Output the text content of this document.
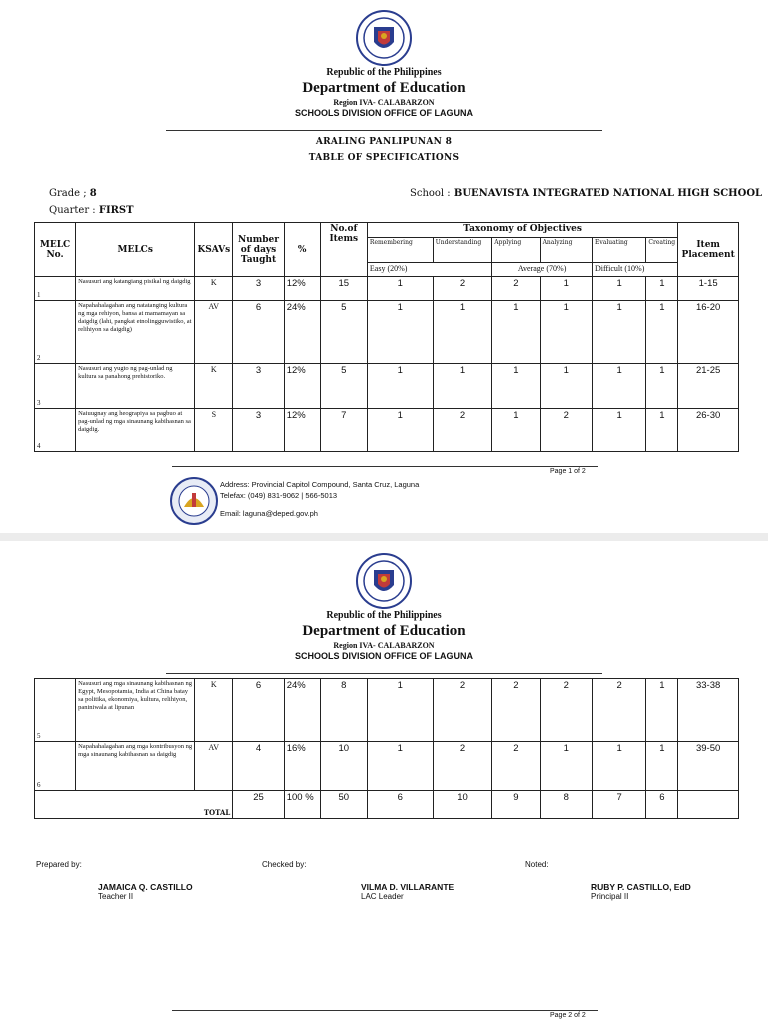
Republic of the Philippines
Department of Education
Region IVA- CALABARZON
SCHOOLS DIVISION OFFICE OF LAGUNA
ARALING PANLIPUNAN 8
TABLE OF SPECIFICATIONS
Grade ; 8
Quarter : FIRST
School : BUENAVISTA INTEGRATED NATIONAL HIGH SCHOOL
MELC No.	MELCs	KSAVs	Number of days Taught	%	No.of Items	Taxonomy of Objectives						Item Placement
						Remembering	Understanding	Applying	Analyzing	Evaluating	Creating	
						Easy (20%)		Average (70%)		Difficult (10%)		
1	Nasusuri ang katangiang pisikal ng daigdig	K	3	12%	15	1	2	2	1	1	1	1-15
2	Napahahalagahan ang natatanging kultura ng mga rehiyon, bansa at mamamayan sa daigdig (lahi, pangkat etnolingguwistiko, at relihiyon sa daigdig)	AV	6	24%	5	1	1	1	1	1	1	16-20
3	Nasusuri ang yugto ng pag-unlad ng kultura sa panahong prehistoriko.	K	3	12%	5	1	1	1	1	1	1	21-25
4	Naiuugnay ang heograpiya sa pagbuo at pag-unlad ng mga sinaunang kabihasnan sa daigdig.	S	3	12%	7	1	2	1	2	1	1	26-30
Page 1 of 2
Address: Provincial Capitol Compound, Santa Cruz, Laguna
Telefax: (049) 831-9062 | 566-5013
Email: laguna@deped.gov.ph
Republic of the Philippines
Department of Education
Region IVA- CALABARZON
SCHOOLS DIVISION OFFICE OF LAGUNA
5	Nasusuri ang mga sinaunang kabihasnan ng Egypt, Mesopotamia, India at China batay sa politika, ekonomiya, kultura, relihiyon, paniniwala at lipunan	K	6	24%	8	1	2	2	2	2	1	33-38
6	Napahahalagahan ang mga kontribusyon ng mga sinaunang kabihasnan sa daigdig	AV	4	16%	10	1	2	2	1	1	1	39-50
TOTAL			25	100 %	50	6	10	9	8	7	6	
Prepared by:	Checked by:	Noted:
JAMAICA Q. CASTILLO
Teacher II
VILMA D. VILLARANTE
LAC Leader
RUBY P. CASTILLO, EdD
Principal II
Page 2 of 2
